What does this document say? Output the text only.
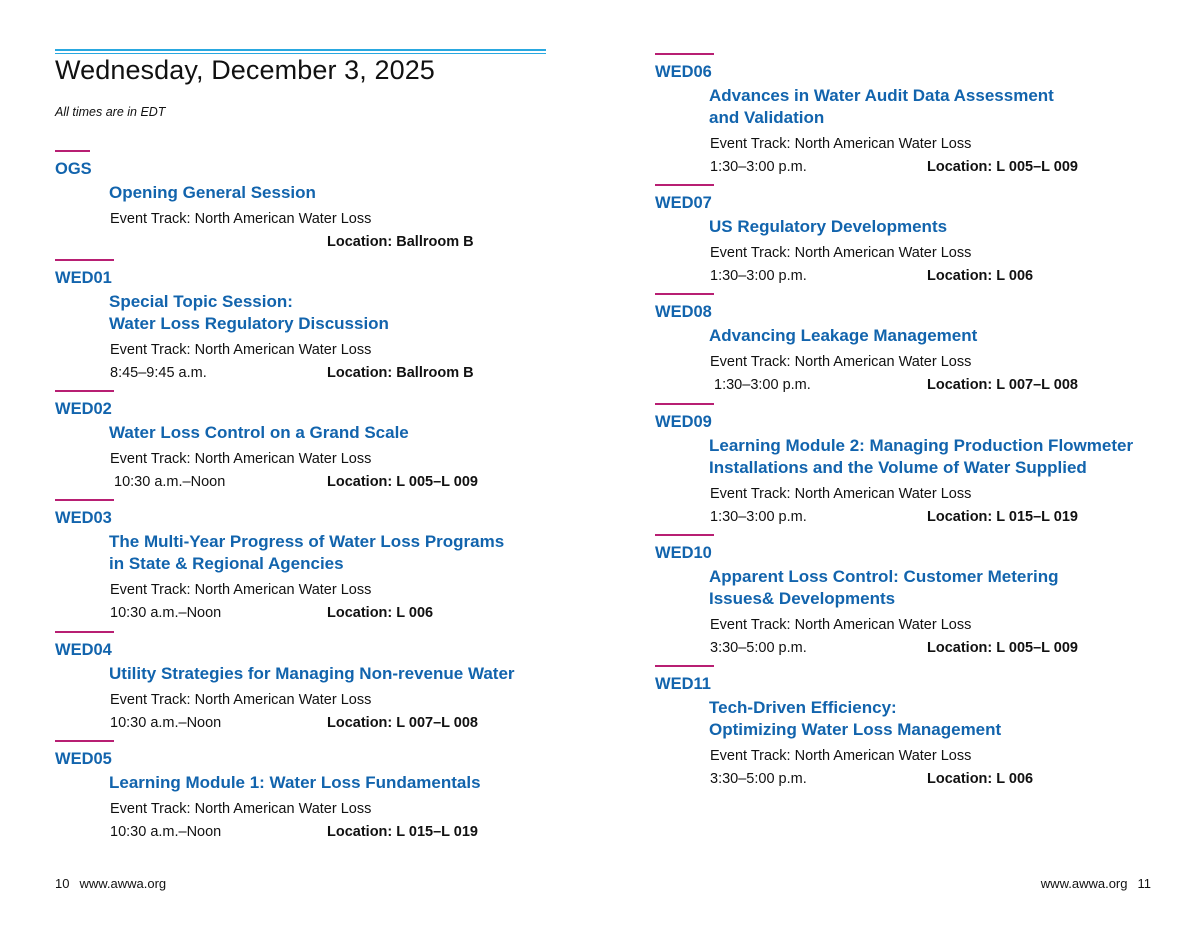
Wednesday, December 3, 2025
All times are in EDT
OGS
Opening General Session
Event Track: North American Water Loss
Location: Ballroom B
WED01
Special Topic Session:
Water Loss Regulatory Discussion
Event Track: North American Water Loss
8:45–9:45 a.m.	Location: Ballroom B
WED02
Water Loss Control on a Grand Scale
Event Track: North American Water Loss
10:30 a.m.–Noon	Location: L 005–L 009
WED03
The Multi-Year Progress of Water Loss Programs
in State & Regional Agencies
Event Track: North American Water Loss
10:30 a.m.–Noon	Location: L 006
WED04
Utility Strategies for Managing Non-revenue Water
Event Track: North American Water Loss
10:30 a.m.–Noon	Location: L 007–L 008
WED05
Learning Module 1: Water Loss Fundamentals
Event Track: North American Water Loss
10:30 a.m.–Noon	Location: L 015–L 019
WED06
Advances in Water Audit Data Assessment
and Validation
Event Track: North American Water Loss
1:30–3:00 p.m.	Location: L 005–L 009
WED07
US Regulatory Developments
Event Track: North American Water Loss
1:30–3:00 p.m.	Location: L 006
WED08
Advancing Leakage Management
Event Track: North American Water Loss
1:30–3:00 p.m.	Location: L 007–L 008
WED09
Learning Module 2: Managing Production Flowmeter
Installations and the Volume of Water Supplied
Event Track: North American Water Loss
1:30–3:00 p.m.	Location: L 015–L 019
WED10
Apparent Loss Control: Customer Metering
Issues& Developments
Event Track: North American Water Loss
3:30–5:00 p.m.	Location: L 005–L 009
WED11
Tech-Driven Efficiency:
Optimizing Water Loss Management
Event Track: North American Water Loss
3:30–5:00 p.m.	Location: L 006
10 www.awwa.org	www.awwa.org 11
